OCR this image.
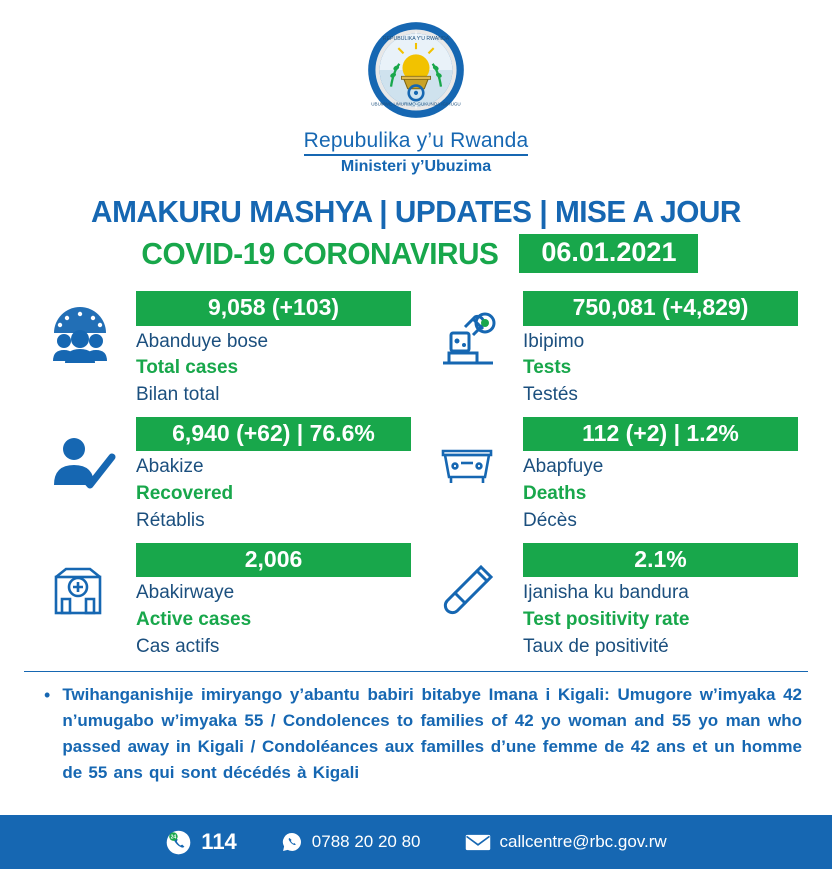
REPUBULIKA Y'U RWANDA
UBUMWE-UMURIMO-GUKUNDA IGIHUGU
Repubulika y’u Rwanda
Ministeri y’Ubuzima
AMAKURU MASHYA | UPDATES | MISE A JOUR
COVID-19 CORONAVIRUS	06.01.2021
9,058 (+103)
Abanduye bose
Total cases
Bilan total
750,081 (+4,829)
Ibipimo
Tests
Testés
6,940 (+62) | 76.6%
Abakize
Recovered
Rétablis
112 (+2) | 1.2%
Abapfuye
Deaths
Décès
2,006
Abakirwaye
Active cases
Cas actifs
2.1%
Ijanisha ku bandura
Test positivity rate
Taux de positivité
• Twihanganishije imiryango y’abantu babiri bitabye Imana i Kigali: Umugore w’imyaka 42 n’umugabo w’imyaka 55 / Condolences to families of 42 yo woman and 55 yo man who passed away in Kigali / Condoléances aux familles d’une femme de 42 ans et un homme de 55 ans qui sont décédés à Kigali
24 114	0788 20 20 80	callcentre@rbc.gov.rw
